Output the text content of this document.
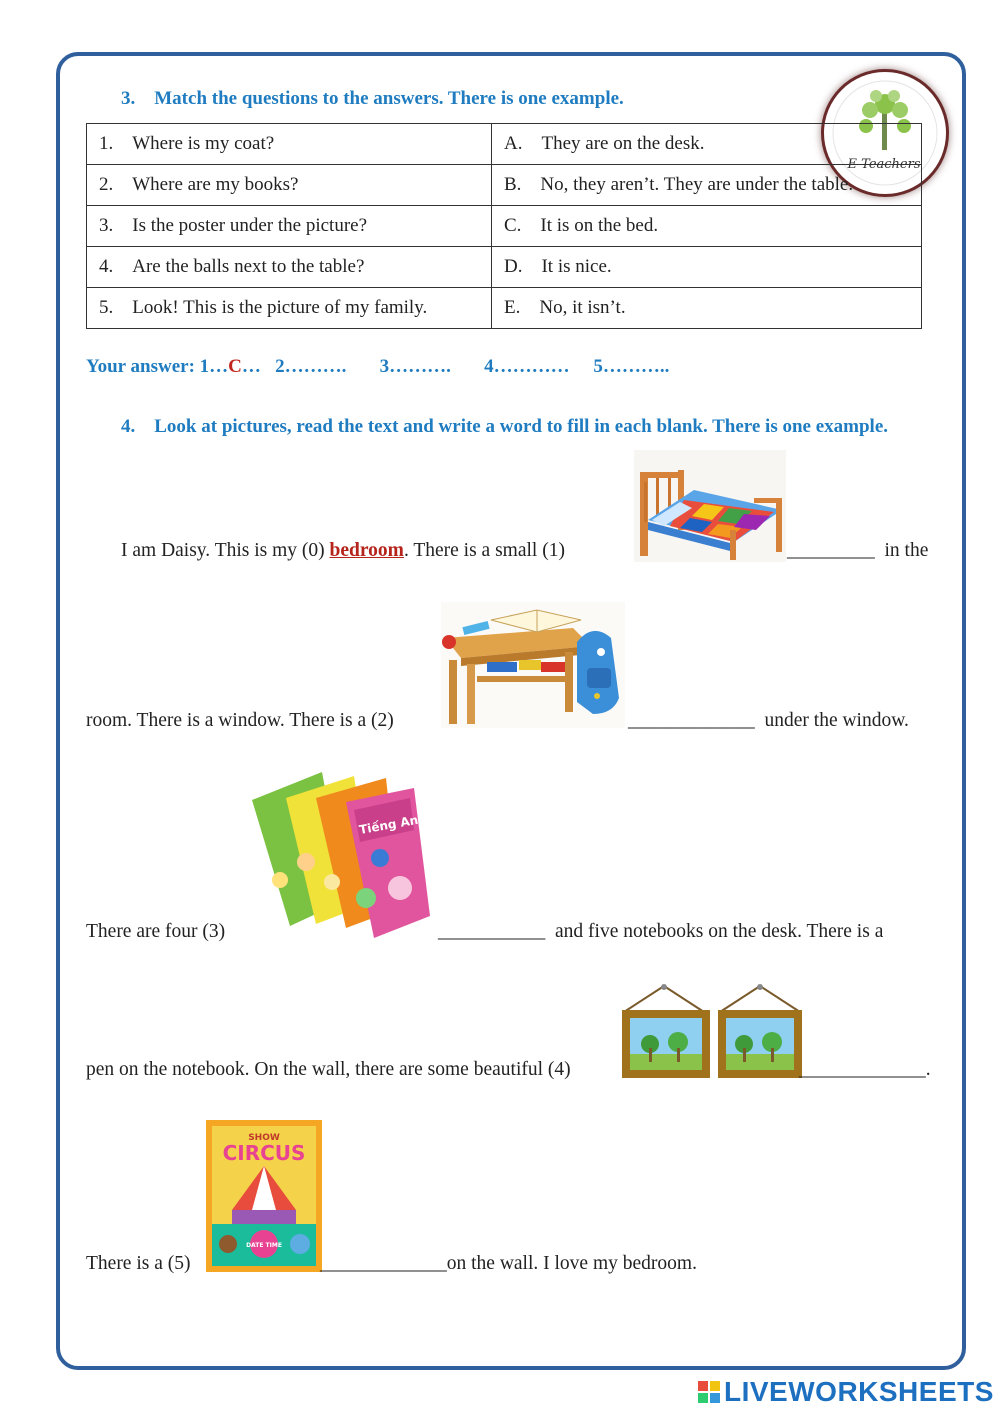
E-Teachers
3. Match the questions to the answers. There is one example.
1. Where is my coat?	A. They are on the desk.
2. Where are my books?	B. No, they aren’t. They are under the table.
3. Is the poster under the picture?	C. It is on the bed.
4. Are the balls next to the table?	D. It is nice.
5. Look! This is the picture of my family.	E. No, it isn’t.
Your answer: 1…C…   2……….       3……….       4…………     5………..
4. Look at pictures, read the text and write a word to fill in each blank. There is one example.
I am Daisy. This is my (0) bedroom. There is a small (1)	_________  in the
room. There is a window. There is a (2)	_____________  under the window.
There are four (3)
Tiếng Anh
___________  and five notebooks on the desk. There is a
pen on the notebook. On the wall, there are some beautiful (4)	_____________.
There is a (5)
SHOW
CIRCUS
DATE TIME
_____________on the wall. I love my bedroom.
LIVEWORKSHEETS
